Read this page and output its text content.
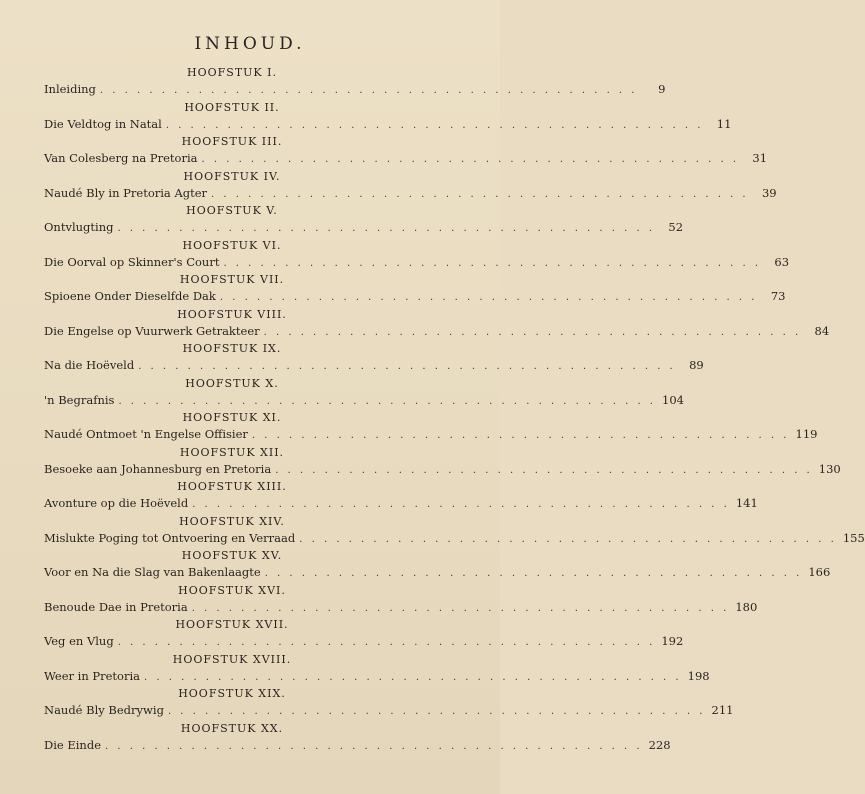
INHOUD.
HOOFSTUK I.
Inleiding . . . . . . . . . . . . . . . . . . . . . . . . . . . . . . . . . . . . . . . . . . . .	9
HOOFSTUK II.
Die Veldtog in Natal . . . . . . . . . . . . . . . . . . . . . . . . . . . . . . . . . . . . . . . . . . . .	11
HOOFSTUK III.
Van Colesberg na Pretoria . . . . . . . . . . . . . . . . . . . . . . . . . . . . . . . . . . . . . . . . . . . .	31
HOOFSTUK IV.
Naudé Bly in Pretoria Agter . . . . . . . . . . . . . . . . . . . . . . . . . . . . . . . . . . . . . . . . . . . .	39
HOOFSTUK V.
Ontvlugting . . . . . . . . . . . . . . . . . . . . . . . . . . . . . . . . . . . . . . . . . . . .	52
HOOFSTUK VI.
Die Oorval op Skinner's Court . . . . . . . . . . . . . . . . . . . . . . . . . . . . . . . . . . . . . . . . . . . .	63
HOOFSTUK VII.
Spioene Onder Dieselfde Dak . . . . . . . . . . . . . . . . . . . . . . . . . . . . . . . . . . . . . . . . . . . .	73
HOOFSTUK VIII.
Die Engelse op Vuurwerk Getrakteer . . . . . . . . . . . . . . . . . . . . . . . . . . . . . . . . . . . . . . . . . . . .	84
HOOFSTUK IX.
Na die Hoëveld . . . . . . . . . . . . . . . . . . . . . . . . . . . . . . . . . . . . . . . . . . . .	89
HOOFSTUK X.
'n Begrafnis . . . . . . . . . . . . . . . . . . . . . . . . . . . . . . . . . . . . . . . . . . . . 104
HOOFSTUK XI.
Naudé Ontmoet 'n Engelse Offisier . . . . . . . . . . . . . . . . . . . . . . . . . . . . . . . . . . . . . . . . . . . . 119
HOOFSTUK XII.
Besoeke aan Johannesburg en Pretoria . . . . . . . . . . . . . . . . . . . . . . . . . . . . . . . . . . . . . . . . . . . . 130
HOOFSTUK XIII.
Avonture op die Hoëveld . . . . . . . . . . . . . . . . . . . . . . . . . . . . . . . . . . . . . . . . . . . . 141
HOOFSTUK XIV.
Mislukte Poging tot Ontvoering en Verraad . . . . . . . . . . . . . . . . . . . . . . . . . . . . . . . . . . . . . . . . . . . . 155
HOOFSTUK XV.
Voor en Na die Slag van Bakenlaagte . . . . . . . . . . . . . . . . . . . . . . . . . . . . . . . . . . . . . . . . . . . . 166
HOOFSTUK XVI.
Benoude Dae in Pretoria . . . . . . . . . . . . . . . . . . . . . . . . . . . . . . . . . . . . . . . . . . . . 180
HOOFSTUK XVII.
Veg en Vlug . . . . . . . . . . . . . . . . . . . . . . . . . . . . . . . . . . . . . . . . . . . . 192
HOOFSTUK XVIII.
Weer in Pretoria . . . . . . . . . . . . . . . . . . . . . . . . . . . . . . . . . . . . . . . . . . . . 198
HOOFSTUK XIX.
Naudé Bly Bedrywig . . . . . . . . . . . . . . . . . . . . . . . . . . . . . . . . . . . . . . . . . . . . 211
HOOFSTUK XX.
Die Einde . . . . . . . . . . . . . . . . . . . . . . . . . . . . . . . . . . . . . . . . . . . . 228
